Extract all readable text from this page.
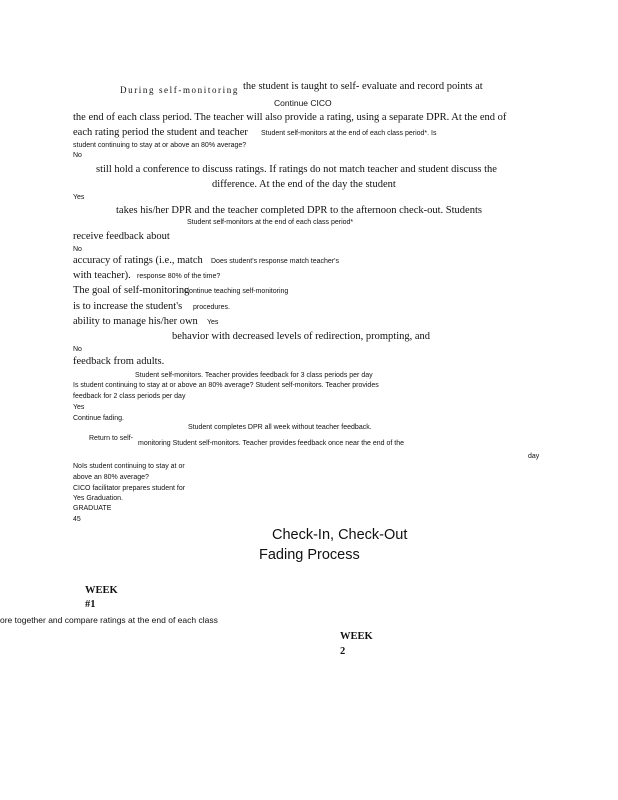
During self-monitoring the student is taught to self- evaluate and record points at
Continue CICO
the end of each class period. The teacher will also provide a rating, using a separate DPR. At the end of
each rating period the student and teacher Student self-monitors at the end of each class period*. Is
student continuing to stay at or above an 80% average?
No
still hold a conference to discuss ratings. If ratings do not match teacher and student discuss the
difference. At the end of the day the student
Yes
takes his/her DPR and the teacher completed DPR to the afternoon check-out. Students
Student self-monitors at the end of each class period*
receive feedback about
No
accuracy of ratings (i.e., match Does student's response match teacher's
with teacher). response 80% of the time?
The goal of self-monitoring
Continue teaching self-monitoring
is to increase the student's procedures.
ability to manage his/her own Yes
behavior with decreased levels of redirection, prompting, and
No
feedback from adults.
Student self-monitors. Teacher provides feedback for 3 class periods per day
Is student continuing to stay at or above an 80% average? Student self-monitors. Teacher provides
feedback for 2 class periods per day
Yes
Continue fading.
Student completes DPR all week without teacher feedback.
Return to self-
monitoring Student self-monitors. Teacher provides feedback once near the end of the
day
NoIs student continuing to stay at or
above an 80% average?
CICO facilitator prepares student for
Yes Graduation.
GRADUATE
45
Check-In, Check-Out
Fading Process
WEEK
#1
ore together and compare ratings at the end of each class
WEEK
2
